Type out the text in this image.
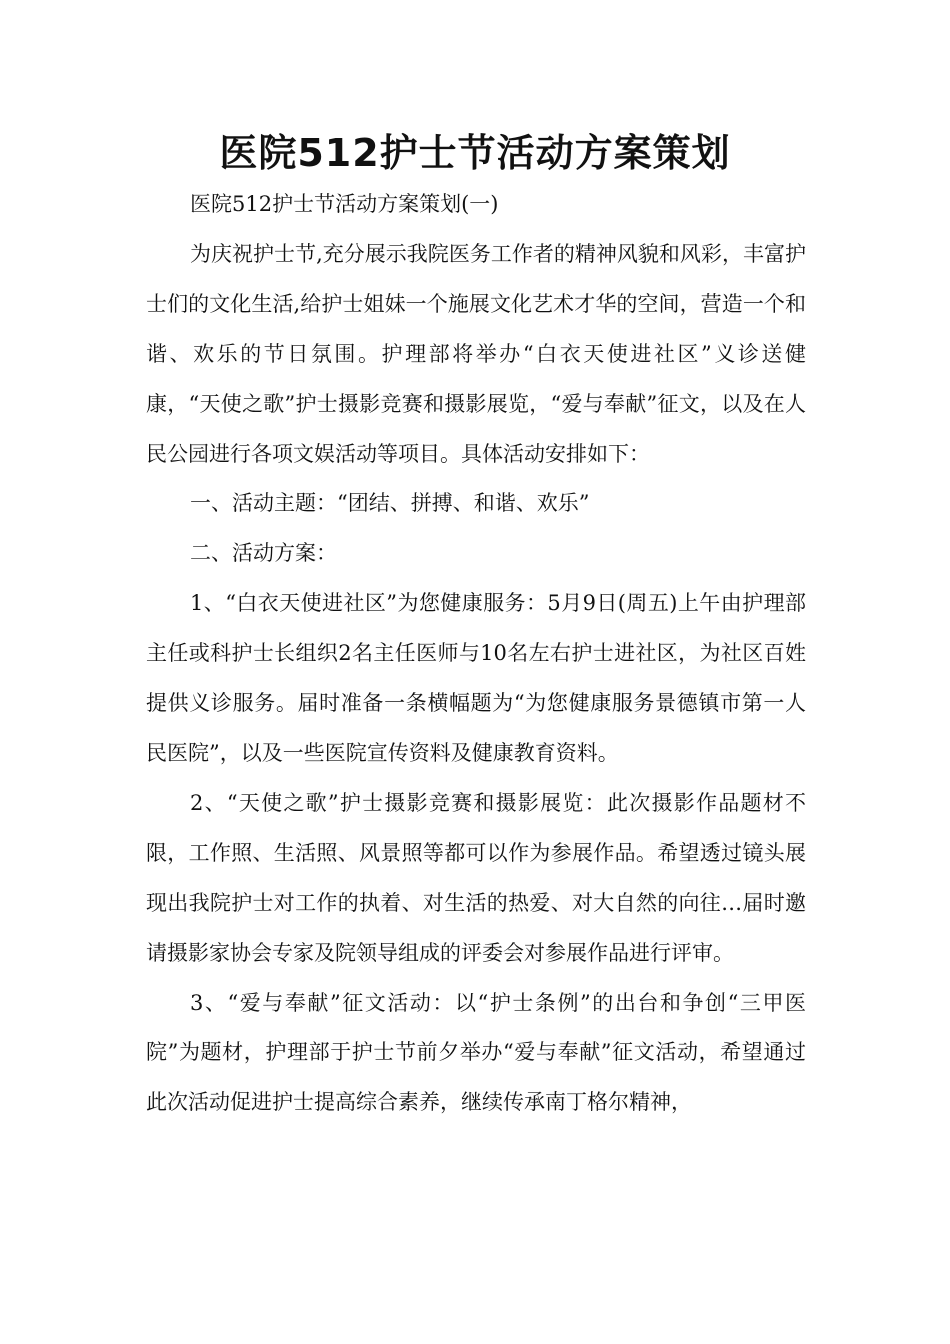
医院512护士节活动方案策划

医院512护士节活动方案策划(一)

为庆祝护士节,充分展示我院医务工作者的精神风貌和风彩，丰富护士们的文化生活,给护士姐妹一个施展文化艺术才华的空间，营造一个和谐、欢乐的节日氛围。护理部将举办“白衣天使进社区”义诊送健康，“天使之歌”护士摄影竞赛和摄影展览，“爱与奉献”征文，以及在人民公园进行各项文娱活动等项目。具体活动安排如下：

一、活动主题：“团结、拼搏、和谐、欢乐”

二、活动方案：

1、“白衣天使进社区”为您健康服务：5月9日(周五)上午由护理部主任或科护士长组织2名主任医师与10名左右护士进社区，为社区百姓提供义诊服务。届时准备一条横幅题为“为您健康服务景德镇市第一人民医院”，以及一些医院宣传资料及健康教育资料。

2、“天使之歌”护士摄影竞赛和摄影展览：此次摄影作品题材不限，工作照、生活照、风景照等都可以作为参展作品。希望透过镜头展现出我院护士对工作的执着、对生活的热爱、对大自然的向往…届时邀请摄影家协会专家及院领导组成的评委会对参展作品进行评审。

3、“爱与奉献”征文活动：以“护士条例”的出台和争创“三甲医院”为题材，护理部于护士节前夕举办“爱与奉献”征文活动，希望通过此次活动促进护士提高综合素养，继续传承南丁格尔精神，
